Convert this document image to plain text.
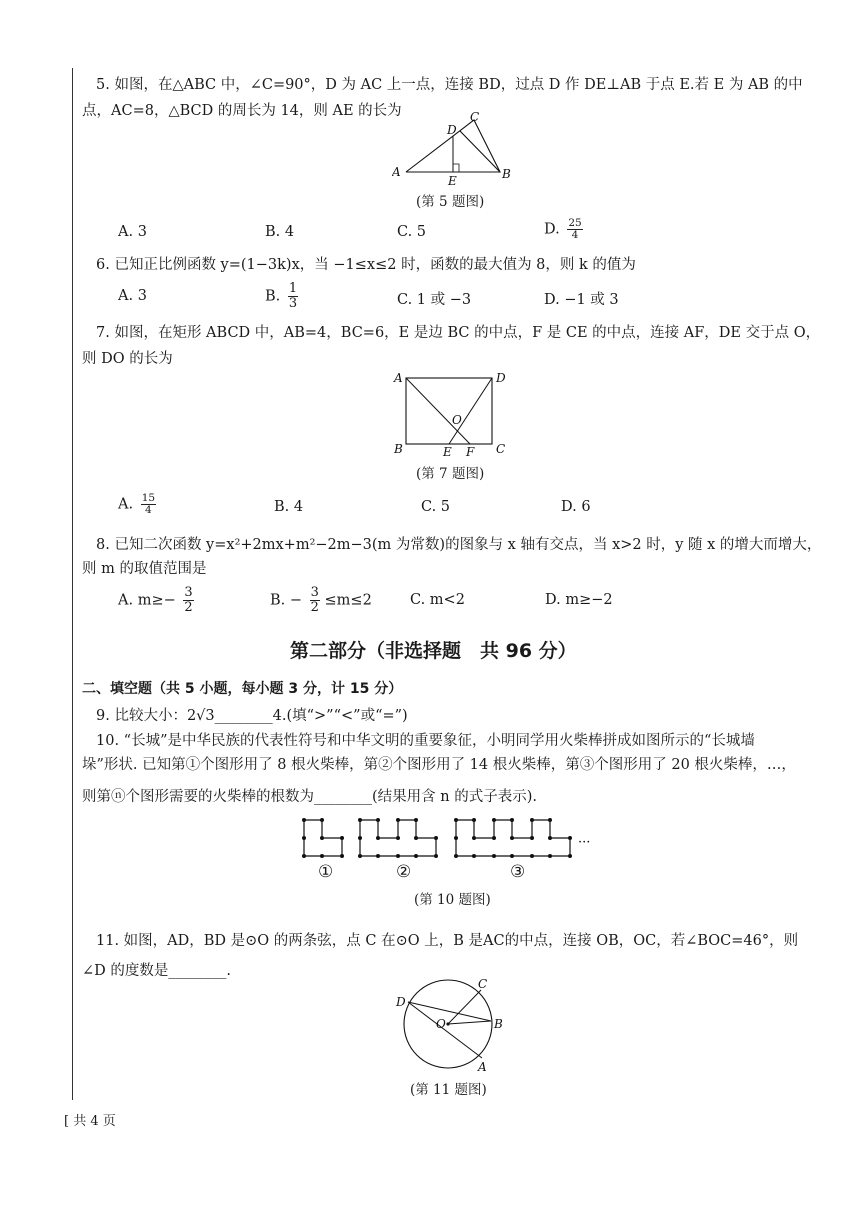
5. 如图，在△ABC 中，∠C=90°，D 为 AC 上一点，连接 BD，过点 D 作 DE⊥AB 于点 E.若 E 为 AB 的中
点，AC=8，△BCD 的周长为 14，则 AE 的长为
A	B
C
D
E
(第 5 题图)
A. 3	B. 4	C. 5	D. $\frac{25}{4}$
6. 已知正比例函数 y=(1−3k)x，当 −1≤x≤2 时，函数的最大值为 8，则 k 的值为
A. 3	B. $\frac{1}{3}$	C. 1 或 −3	D. −1 或 3
7. 如图，在矩形 ABCD 中，AB=4，BC=6，E 是边 BC 的中点，F 是 CE 的中点，连接 AF，DE 交于点 O，
则 DO 的长为
A	D
B	C
O
E F
(第 7 题图)
A. $\frac{15}{4}$	B. 4	C. 5	D. 6
8. 已知二次函数 y=x²+2mx+m²−2m−3(m 为常数)的图象与 x 轴有交点，当 x>2 时，y 随 x 的增大而增大，
则 m 的取值范围是
A. $m\ge- \frac{3}{2}$	B. − $\frac{3}{2} \le m\le 2$	C. m<2	D. m≥−2
第二部分（非选择题　共 96 分）
二、填空题（共 5 小题，每小题 3 分，计 15 分）
9. 比较大小：2√3________4.(填“>”“<”或“=”)
10. “长城”是中华民族的代表性符号和中华文明的重要象征，小明同学用火柴棒拼成如图所示的“长城墙
垛”形状. 已知第①个图形用了 8 根火柴棒，第②个图形用了 14 根火柴棒，第③个图形用了 20 根火柴棒，…，
则第ⓝ个图形需要的火柴棒的根数为________(结果用含 n 的式子表示).
···
①	②	③
(第 10 题图)
11. 如图，AD，BD 是⊙O 的两条弦，点 C 在⊙O 上，B 是AC的中点，连接 OB，OC，若∠BOC=46°，则
∠D 的度数是________.
D
C
B
O
A
(第 11 题图)
[ 共 4 页
